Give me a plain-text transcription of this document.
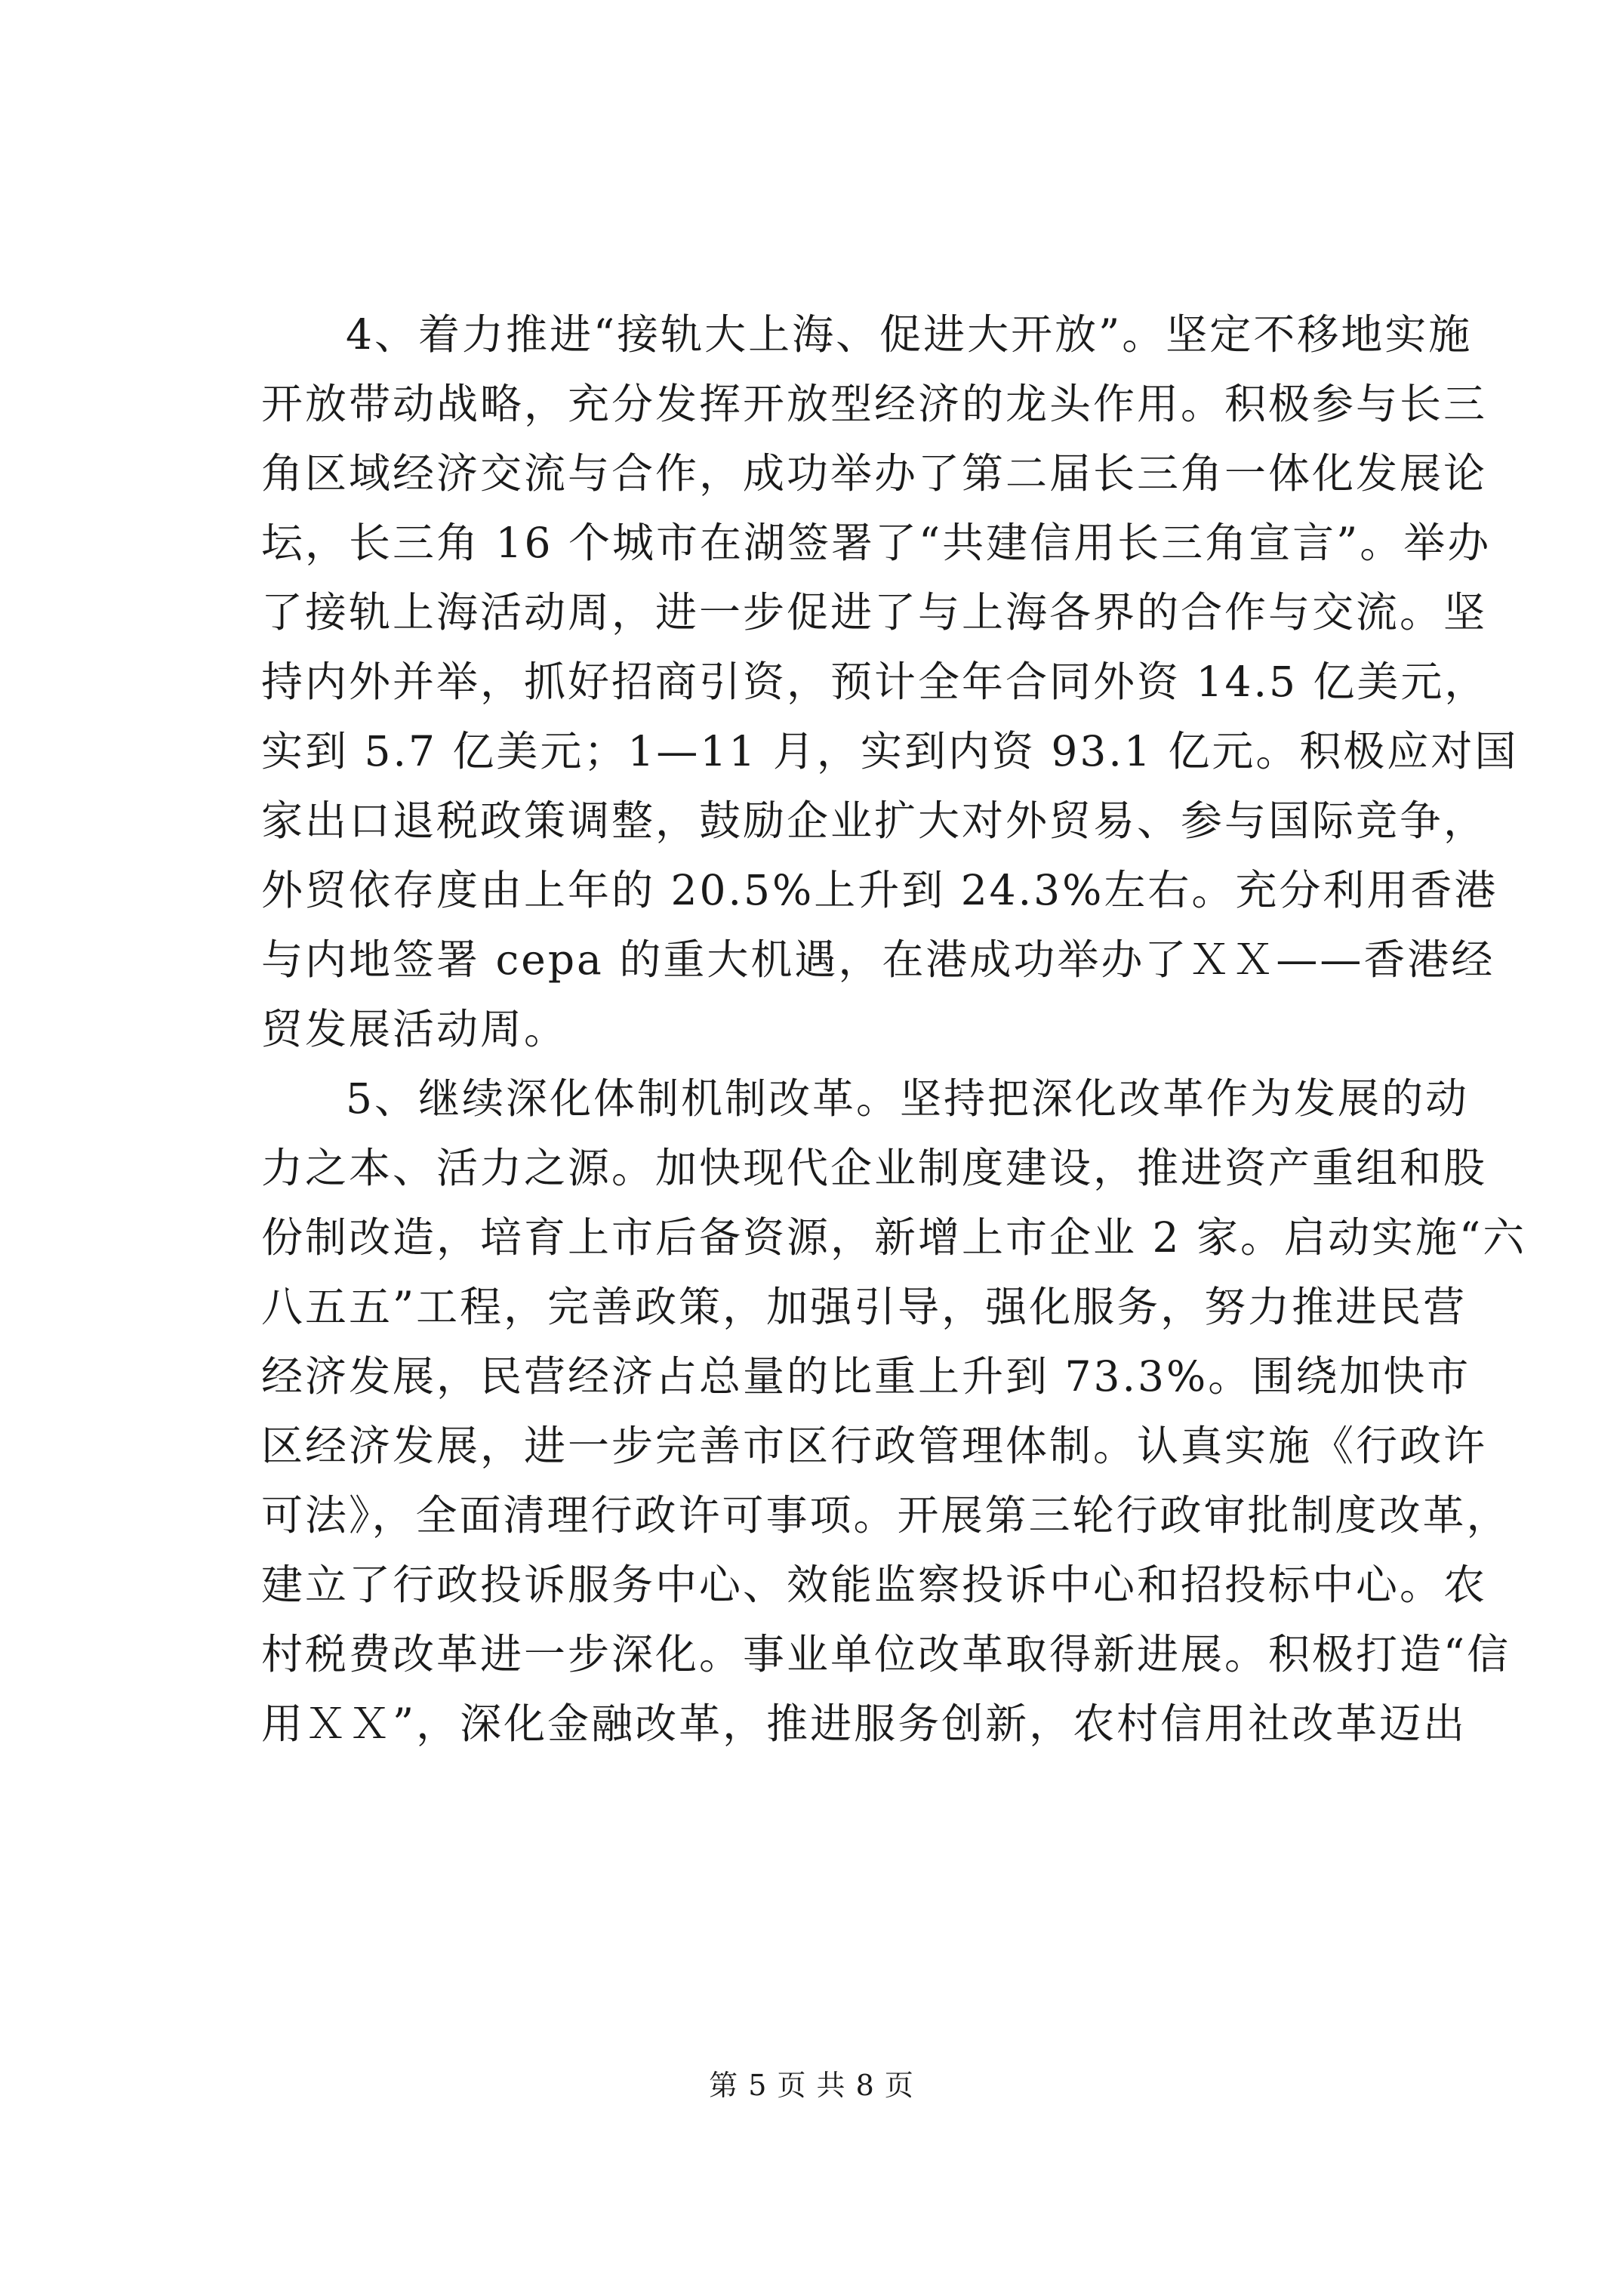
4、着力推进“接轨大上海、促进大开放”。坚定不移地实施
开放带动战略，充分发挥开放型经济的龙头作用。积极参与长三
角区域经济交流与合作，成功举办了第二届长三角一体化发展论
坛，长三角 16 个城市在湖签署了“共建信用长三角宣言”。举办
了接轨上海活动周，进一步促进了与上海各界的合作与交流。坚
持内外并举，抓好招商引资，预计全年合同外资 14.5 亿美元，
实到 5.7 亿美元；1—11 月，实到内资 93.1 亿元。积极应对国
家出口退税政策调整，鼓励企业扩大对外贸易、参与国际竞争，
外贸依存度由上年的 20.5%上升到 24.3%左右。充分利用香港
与内地签署 cepa 的重大机遇，在港成功举办了ＸＸ——香港经
贸发展活动周。
5、继续深化体制机制改革。坚持把深化改革作为发展的动
力之本、活力之源。加快现代企业制度建设，推进资产重组和股
份制改造，培育上市后备资源，新增上市企业 2 家。启动实施“六
八五五”工程，完善政策，加强引导，强化服务，努力推进民营
经济发展，民营经济占总量的比重上升到 73.3%。围绕加快市
区经济发展，进一步完善市区行政管理体制。认真实施《行政许
可法》，全面清理行政许可事项。开展第三轮行政审批制度改革，
建立了行政投诉服务中心、效能监察投诉中心和招投标中心。农
村税费改革进一步深化。事业单位改革取得新进展。积极打造“信
用ＸＸ”，深化金融改革，推进服务创新，农村信用社改革迈出
第 5 页 共 8 页
